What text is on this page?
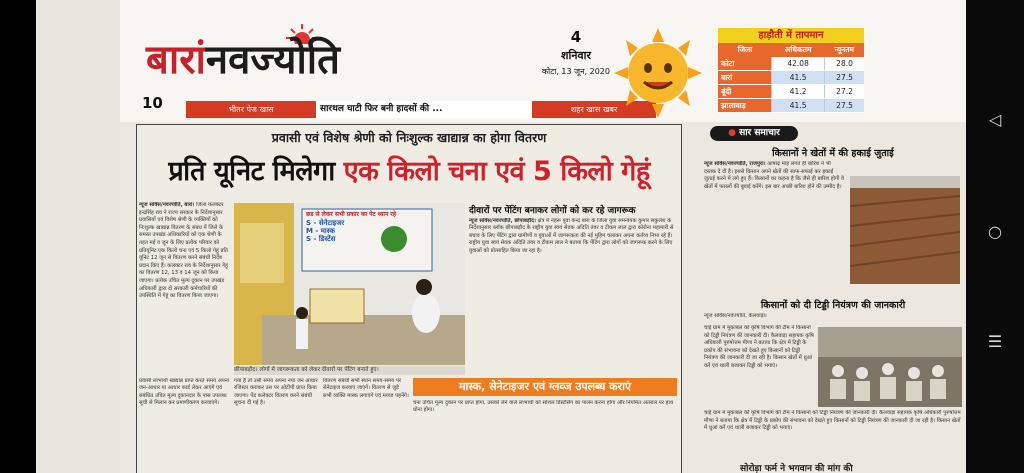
बारांनवज्योति
10	भीतर पेज खास	सारथल घाटी फिर बनी हादसों की ...	शहर खास खबर
4
शनिवार
कोटा, 13 जून, 2020
हाड़ौती में तापमान
जिला	अधिकतम	न्यूनतम
कोटा	42.08	28.0
बारां	41.5	27.5
बूंदी	41.2	27.2
झालावाड़	41.5	27.5
प्रवासी एवं विशेष श्रेणी को निःशुल्क खाद्यान्न का होगा वितरण
प्रति यूनिट मिलेगा एक किलो चना एवं 5 किलो गेहूं
न्यूज सर्विस/नवज्योति, बारां। जिला कलक्टर इन्द्रसिंह राव ने राज्य सरकार के निर्देशानुसार प्रवासियों एवं विशेष श्रेणी के व्यक्तियों को निःशुल्क खाद्यान्न वितरण के संबंध में जिले के समस्त उपखंड अधिकारियों को एक श्रेणी के तहत मई व जून के लिए प्रत्येक परिवार को प्रतियूनिट एक किलो चना एवं 5 किलो गेहूं प्रति यूनिट 12 जून से वितरण करने संबंधी निर्देश प्रदान किए हैं। कलक्टर राव के निर्देशानुसार गेहूं का वितरण 12, 13 व 14 जून को किया जाएगा। प्रत्येक उचित मूल्य दुकान पर उपखंड अधिकारी द्वारा दो सरकारी कर्मचारियों की उपस्थिति में गेहूं का वितरण किया जाएगा।
छड से लेकर सभी प्रकार का पेट ध्यान रहे
S - सेनेटाइजर
M - मास्क
S - डिस्टेंस
छीपाबड़ौद। लोगों में जागरूकता को लेकर दीवारों पर पेंटिंग बनाते हुए।
दीवारों पर पेंटिंग बनाकर लोगों को कर रहे जागरूक
न्यूज सर्विस/नवज्योति, छीपाबड़ौद। क्षेत्र में नेहरू युवा केन्द्र बारां के जिला युवा समन्वयक कुमार सकुलेश के निर्देशानुसार ब्लॉक छीपाबड़ौद के राष्ट्रीय युवा स्वयं सेवक अदिति तंवर व टीकम लाल द्वारा कोरोना महामारी से बचाव के लिए पेंटिंग द्वारा ग्रामीणों व युवाओं में जागरूकता की नई मुहिम चलाकर अपना कर्तव्य निभा रहे हैं। राष्ट्रीय युवा स्वयं सेवक अदिति तंवर व टीकम लाल ने बताया कि पेंटिंग द्वारा लोगों को जागरूक करने के लिए युवाओं को प्रोत्साहित किया जा रहा है।
प्रवासी लाभार्थी खाद्यान्न प्राप्त करते समय अपना जन-आधार या आधार कार्ड लेकर आएंगे एवं संबंधित उचित मूल्य दुकानदार के पास उपलब्ध सूची से मिलान कर प्रमाणीकरण करवाएंगे।
गया है तो उसी समय अपना नया जन आधार रजिस्टर कराकर उस पर ओटीपी प्राप्त किया जाएगा। पेंड कलेक्टर वितरण करने संबंधी सूचना दी गई है।
वितरण संबंधी सभी स्थान समय-समय पर सेनेटाइज करवाए जाएंगे। वितरण से जुड़े सभी व्यक्ति मास्क लगाएंगे एवं ग्लव्ज पहनेंगे।
मास्क, सेनेटाइजर एवं ग्लव्ज उपलब्ध कराएं
चना उचित मूल्य दुकान पर प्राप्त होगा, उसको लेने वाले लाभार्थी को सोशल डिस्टेंसिंग का पालन करना होगा और नियमित अंतराल पर हाथ धोना होगा।
● सार समाचार
किसानों ने खेतों में की हकाई जुताई
न्यूज सर्विस/नवज्योति, राजपुरा। आषाढ़ माह लगते ही बारिश ने भी दस्तक दे दी है। इससे किसान अपने खेतों की साफ-सफाई कर हकाई जुताई करने में लगे हुए हैं। किसानों का कहना है कि जैसे ही बारिश होगी वे खेतों में फसलों की बुवाई करेंगे। इस बार अच्छी बारिश होने की उम्मीद है।
किसानों को दी टिड्डी नियंत्रण की जानकारी
न्यूज सर्विस/नवज्योति, केलवाड़ा।
चाई ग्राम में मुकाबल की कृषि विभाग की टीम ने किसानों को टिड्डी नियंत्रण की जानकारी दी। कैलवाड़ा सहायक कृषि अधिकारी पुरुषोत्तम मीणा ने बताया कि क्षेत्र में टिड्डी के प्रकोप की संभावना को देखते हुए किसानों को टिड्डी नियंत्रण की जानकारी दी जा रही है। किसान खेतों में धुआं करें एवं थाली बजाकर टिड्डी को भगाएं।
चाई ग्राम में मुकाबल की कृषि विभाग की टीम ने किसानों को टिड्डी नियंत्रण की जानकारी दी। कैलवाड़ा सहायक कृषि अधिकारी पुरुषोत्तम मीणा ने बताया कि क्षेत्र में टिड्डी के प्रकोप की संभावना को देखते हुए किसानों को टिड्डी नियंत्रण की जानकारी दी जा रही है। किसान खेतों में धुआं करें एवं थाली बजाकर टिड्डी को भगाएं।
सोरोड़ा फर्म ने भगवान की मांग की
◁
○
☰
